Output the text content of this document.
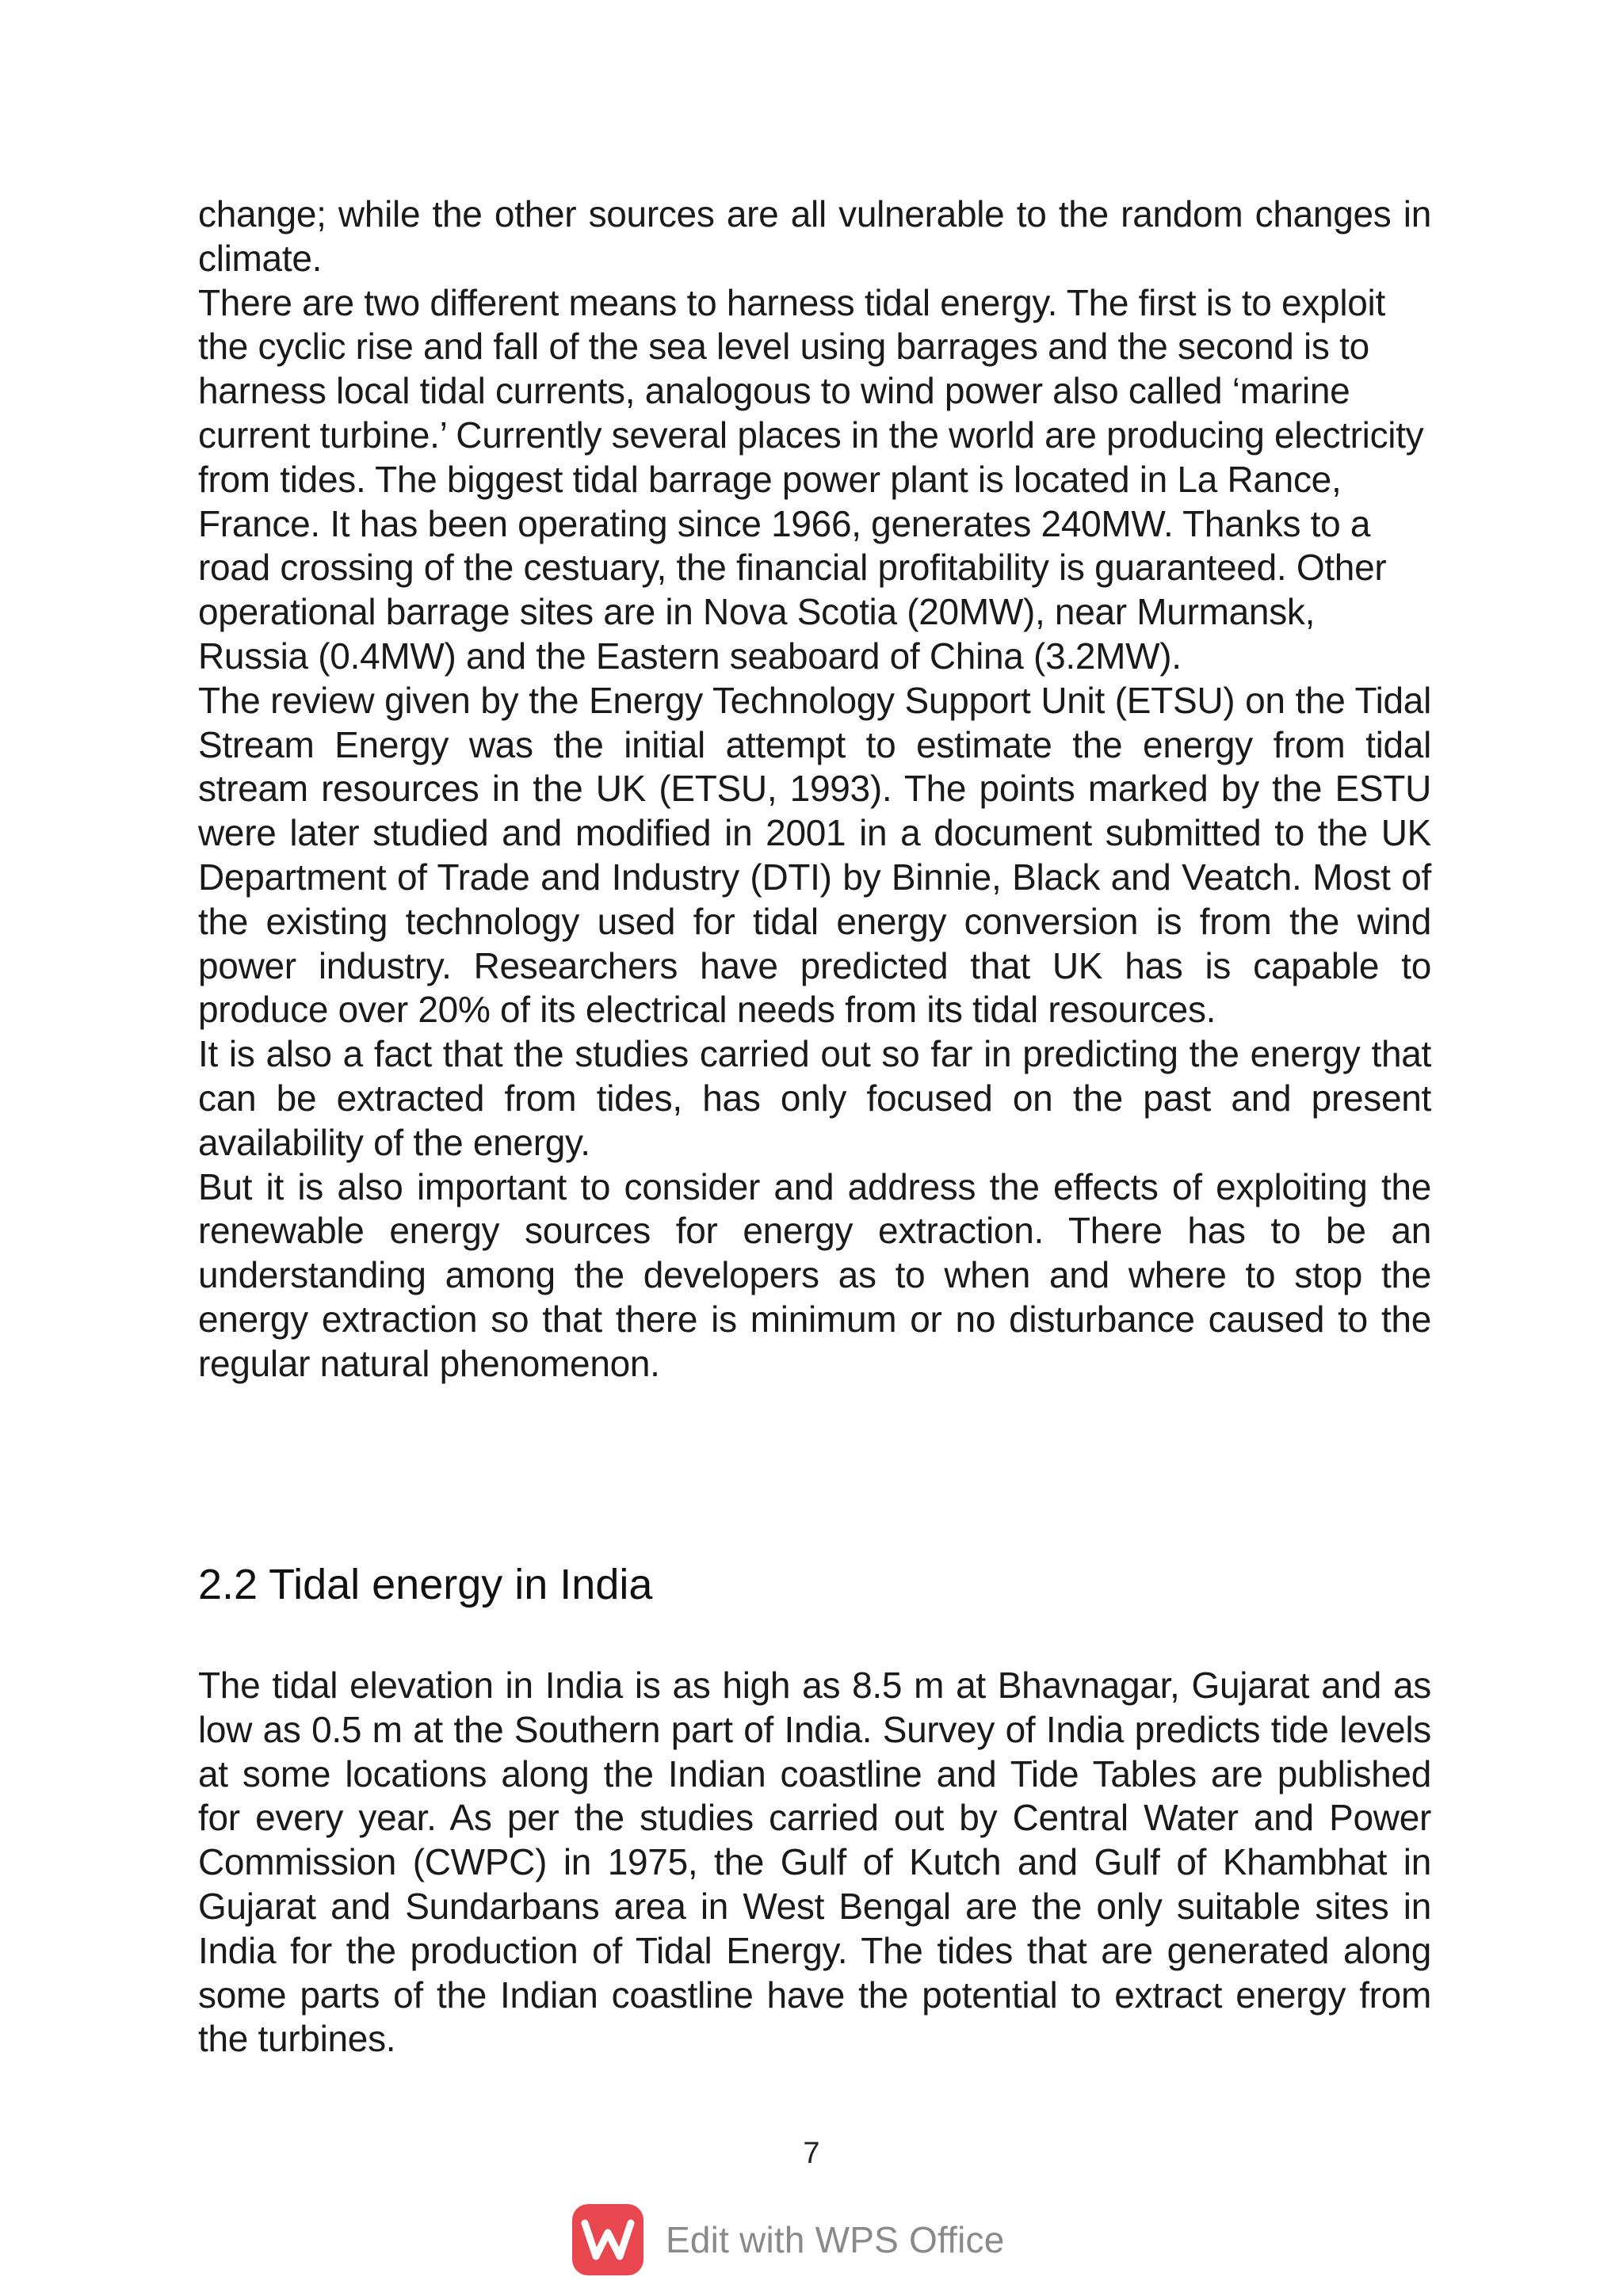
change; while the other sources are all vulnerable to the random changes in climate.

There are two different means to harness tidal energy. The first is to exploit the cyclic rise and fall of the sea level using barrages and the second is to harness local tidal currents, analogous to wind power also called ‘marine current turbine.’ Currently several places in the world are producing electricity from tides. The biggest tidal barrage power plant is located in La Rance, France. It has been operating since 1966, generates 240MW. Thanks to a road crossing of the cestuary, the financial profitability is guaranteed. Other operational barrage sites are in Nova Scotia (20MW), near Murmansk, Russia (0.4MW) and the Eastern seaboard of China (3.2MW).

The review given by the Energy Technology Support Unit (ETSU) on the Tidal Stream Energy was the initial attempt to estimate the energy from tidal stream resources in the UK (ETSU, 1993). The points marked by the ESTU were later studied and modified in 2001 in a document submitted to the UK Department of Trade and Industry (DTI) by Binnie, Black and Veatch. Most of the existing technology used for tidal energy conversion is from the wind power industry. Researchers have predicted that UK has is capable to produce over 20% of its electrical needs from its tidal resources.

It is also a fact that the studies carried out so far in predicting the energy that can be extracted from tides, has only focused on the past and present availability of the energy.

But it is also important to consider and address the effects of exploiting the renewable energy sources for energy extraction. There has to be an understanding among the developers as to when and where to stop the energy extraction so that there is minimum or no disturbance caused to the regular natural phenomenon.

2.2 Tidal energy in India

The tidal elevation in India is as high as 8.5 m at Bhavnagar, Gujarat and as low as 0.5 m at the Southern part of India. Survey of India predicts tide levels at some locations along the Indian coastline and Tide Tables are published for every year. As per the studies carried out by Central Water and Power Commission (CWPC) in 1975, the Gulf of Kutch and Gulf of Khambhat in Gujarat and Sundarbans area in West Bengal are the only suitable sites in India for the production of Tidal Energy. The tides that are generated along some parts of the Indian coastline have the potential to extract energy from the turbines.

7
Edit with WPS Office
